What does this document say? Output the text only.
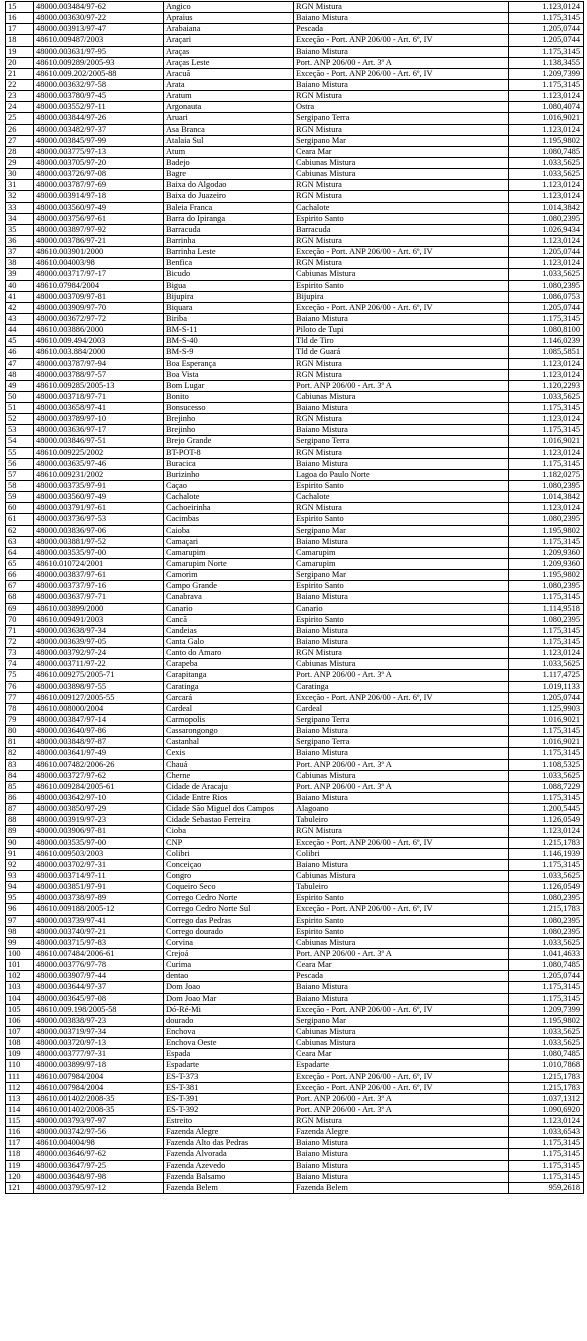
15	48000.003484/97-62	Angico	RGN Mistura	1.123,0124
16	48000.003630/97-22	Apraius	Baiano Mistura	1.175,3145
17	48000.003913/97-47	Arabaiana	Pescada	1.205,0744
18	48610.009487/2003	Araçari	Exceção - Port. ANP 206/00 - Art. 6º, IV	1.205,0744
19	48000.003631/97-95	Araças	Baiano Mistura	1.175,3145
20	48610.009289/2005-93	Araças Leste	Port. ANP 206/00 - Art. 3º A	1.138,3455
21	48610.009.202/2005-88	Aracuã	Exceção - Port. ANP 206/00 - Art. 6º, IV	1.209,7399
22	48000.003632/97-58	Arata	Baiano Mistura	1.175,3145
23	48000.003780/97-45	Aratum	RGN Mistura	1.123,0124
24	48000.003552/97-11	Argonauta	Ostra	1.080,4074
25	48000.003844/97-26	Aruari	Sergipano Terra	1.016,9021
26	48000.003482/97-37	Asa Branca	RGN Mistura	1.123,0124
27	48000.003845/97-99	Atalaia Sul	Sergipano Mar	1.195,9802
28	48000.003775/97-13	Atum	Ceara Mar	1.080,7485
29	48000.003705/97-20	Badejo	Cabiunas Mistura	1.033,5625
30	48000.003726/97-08	Bagre	Cabiunas Mistura	1.033,5625
31	48000.003787/97-69	Baixa do Algodao	RGN Mistura	1.123,0124
32	48000.003914/97-18	Baixa do Juazeiro	RGN Mistura	1.123,0124
33	48000.003560/97-49	Baleia Franca	Cachalote	1.014,3842
34	48000.003756/97-61	Barra do Ipiranga	Espirito Santo	1.080,2395
35	48000.003897/97-92	Barracuda	Barracuda	1.026,9434
36	48000.003786/97-21	Barrinha	RGN Mistura	1.123,0124
37	48610.003901/2000	Barrinha Leste	Exceção - Port. ANP 206/00 - Art. 6º, IV	1.205,0744
38	48610.004003/98	Benfica	RGN Mistura	1.123,0124
39	48000.003717/97-17	Bicudo	Cabiunas Mistura	1.033,5625
40	48610.07984/2004	Bigua	Espirito Santo	1.080,2395
41	48000.003709/97-81	Bijupira	Bijupira	1.086,0753
42	48000.003909/97-70	Biquara	Exceção - Port. ANP 206/00 - Art. 6º, IV	1.205,0744
43	48000.003672/97-72	Biriba	Baiano Mistura	1.175,3145
44	48610.003886/2000	BM-S-11	Piloto de Tupi	1.080,8100
45	48610.009.494/2003	BM-S-40	Tld de Tiro	1.146,0239
46	48610.003.884/2000	BM-S-9	Tld de Guará	1.085,5851
47	48000.003787/97-94	Boa Esperança	RGN Mistura	1.123,0124
48	48000.003788/97-57	Boa Vista	RGN Mistura	1.123,0124
49	48610.009285/2005-13	Bom Lugar	Port. ANP 206/00 - Art. 3º A	1.120,2293
50	48000.003718/97-71	Bonito	Cabiunas Mistura	1.033,5625
51	48000.003658/97-41	Bonsucesso	Baiano Mistura	1.175,3145
52	48000.003789/97-10	Brejinho	RGN Mistura	1.123,0124
53	48000.003636/97-17	Brejinho	Baiano Mistura	1.175,3145
54	48000.003846/97-51	Brejo Grande	Sergipano Terra	1.016,9021
55	48610.009225/2002	BT-POT-8	RGN Mistura	1.123,0124
56	48000.003635/97-46	Buracica	Baiano Mistura	1.175,3145
57	48610.009231/2002	Burizinho	Lagoa do Paulo Norte	1.182,0275
58	48000.003735/97-91	Caçao	Espirito Santo	1.080,2395
59	48000.003560/97-49	Cachalote	Cachalote	1.014,3842
60	48000.003791/97-61	Cachoeirinha	RGN Mistura	1.123,0124
61	48000.003736/97-53	Cacimbas	Espirito Santo	1.080,2395
62	48000.003836/97-06	Caioba	Sergipano Mar	1.195,9802
63	48000.003881/97-52	Camaçari	Baiano Mistura	1.175,3145
64	48000.003535/97-00	Camarupim	Camarupim	1.209,9360
65	48610.010724/2001	Camarupim Norte	Camarupim	1.209,9360
66	48000.003837/97-61	Camorim	Sergipano Mar	1.195,9802
67	48000.003737/97-16	Campo Grande	Espirito Santo	1.080,2395
68	48000.003637/97-71	Canabrava	Baiano Mistura	1.175,3145
69	48610.003899/2000	Canario	Canario	1.114,9518
70	48610.009491/2003	Cancã	Espirito Santo	1.080,2395
71	48000.003638/97-34	Candeias	Baiano Mistura	1.175,3145
72	48000.003639/97-05	Canta Galo	Baiano Mistura	1.175,3145
73	48000.003792/97-24	Canto do Amaro	RGN Mistura	1.123,0124
74	48000.003711/97-22	Carapeba	Cabiunas Mistura	1.033,5625
75	48610.009275/2005-71	Carapitanga	Port. ANP 206/00 - Art. 3º A	1.117,4725
76	48000.003898/97-55	Caratinga	Caratinga	1.019,1133
77	48610.009127/2005-55	Carcará	Exceção - Port. ANP 206/00 - Art. 6º, IV	1.205,0744
78	48610.008000/2004	Cardeal	Cardeal	1.125,9903
79	48000.003847/97-14	Carmopolis	Sergipano Terra	1.016,9021
80	48000.003640/97-86	Cassarongongo	Baiano Mistura	1.175,3145
81	48000.003848/97-87	Castanhal	Sergipano Terra	1.016,9021
82	48000.003641/97-49	Cexis	Baiano Mistura	1.175,3145
83	48610.007482/2006-26	Chauá	Port. ANP 206/00 - Art. 3º A	1.108,5325
84	48000.003727/97-62	Cherne	Cabiunas Mistura	1.033,5625
85	48610.009284/2005-61	Cidade de Aracaju	Port. ANP 206/00 - Art. 3º A	1.088,7229
86	48000.003642/97-10	Cidade Entre Rios	Baiano Mistura	1.175,3145
87	48000.003850/97-29	Cidade São Miguel dos Campos	Alagoano	1.200,5445
88	48000.003919/97-23	Cidade Sebastao Ferreira	Tabuleiro	1.126,0549
89	48000.003906/97-81	Cioba	RGN Mistura	1.123,0124
90	48000.003535/97-00	CNP	Exceção - Port. ANP 206/00 - Art. 6º, IV	1.215,1783
91	48610.009503/2003	Colibri	Colibri	1.146,1939
92	48000.003702/97-31	Conceiçao	Baiano Mistura	1.175,3145
93	48000.003714/97-11	Congro	Cabiunas Mistura	1.033,5625
94	48000.003851/97-91	Coqueiro Seco	Tabuleiro	1.126,0549
95	48000.003738/97-89	Corrego Cedro Norte	Espirito Santo	1.080,2395
96	48610.009188/2005-12	Corrego Cedro Norte Sul	Exceção - Port. ANP 206/00 - Art. 6º, IV	1.215,1783
97	48000.003739/97-41	Corrego das Pedras	Espirito Santo	1.080,2395
98	48000.003740/97-21	Corrego dourado	Espirito Santo	1.080,2395
99	48000.003715/97-83	Corvina	Cabiunas Mistura	1.033,5625
100	48610.007484/2006-61	Crejoá	Port. ANP 206/00 - Art. 3º A	1.041,4633
101	48000.003776/97-78	Curima	Ceara Mar	1.080,7485
102	48000.003907/97-44	dentao	Pescada	1.205,0744
103	48000.003644/97-37	Dom Joao	Baiano Mistura	1.175,3145
104	48000.003645/97-08	Dom Joao Mar	Baiano Mistura	1.175,3145
105	48610.009.198/2005-58	Dó-Ré-Mi	Exceção - Port. ANP 206/00 - Art. 6º, IV	1.209,7399
106	48000.003838/97-23	dourado	Sergipano Mar	1.195,9802
107	48000.003719/97-34	Enchova	Cabiunas Mistura	1.033,5625
108	48000.003720/97-13	Enchova Oeste	Cabiunas Mistura	1.033,5625
109	48000.003777/97-31	Espada	Ceara Mar	1.080,7485
110	48000.003899/97-18	Espadarte	Espadarte	1.010,7868
111	48610.007984/2004	ES-T-373	Exceção - Port. ANP 206/00 - Art. 6º, IV	1.215,1783
112	48610.007984/2004	ES-T-381	Exceção - Port. ANP 206/00 - Art. 6º, IV	1.215,1783
113	48610.001402/2008-35	ES-T-391	Port. ANP 206/00 - Art. 3º A	1.037,1312
114	48610.001402/2008-35	ES-T-392	Port. ANP 206/00 - Art. 3º A	1.090,6920
115	48000.003793/97-97	Estreito	RGN Mistura	1.123,0124
116	48000.003742/97-56	Fazenda Alegre	Fazenda Alegre	1.033,6543
117	48610.004004/98	Fazenda Alto das Pedras	Baiano Mistura	1.175,3145
118	48000.003646/97-62	Fazenda Alvorada	Baiano Mistura	1.175,3145
119	48000.003647/97-25	Fazenda Azevedo	Baiano Mistura	1.175,3145
120	48000.003648/97-98	Fazenda Balsamo	Baiano Mistura	1.175,3145
121	48000.003795/97-12	Fazenda Belem	Fazenda Belem	959,2618
